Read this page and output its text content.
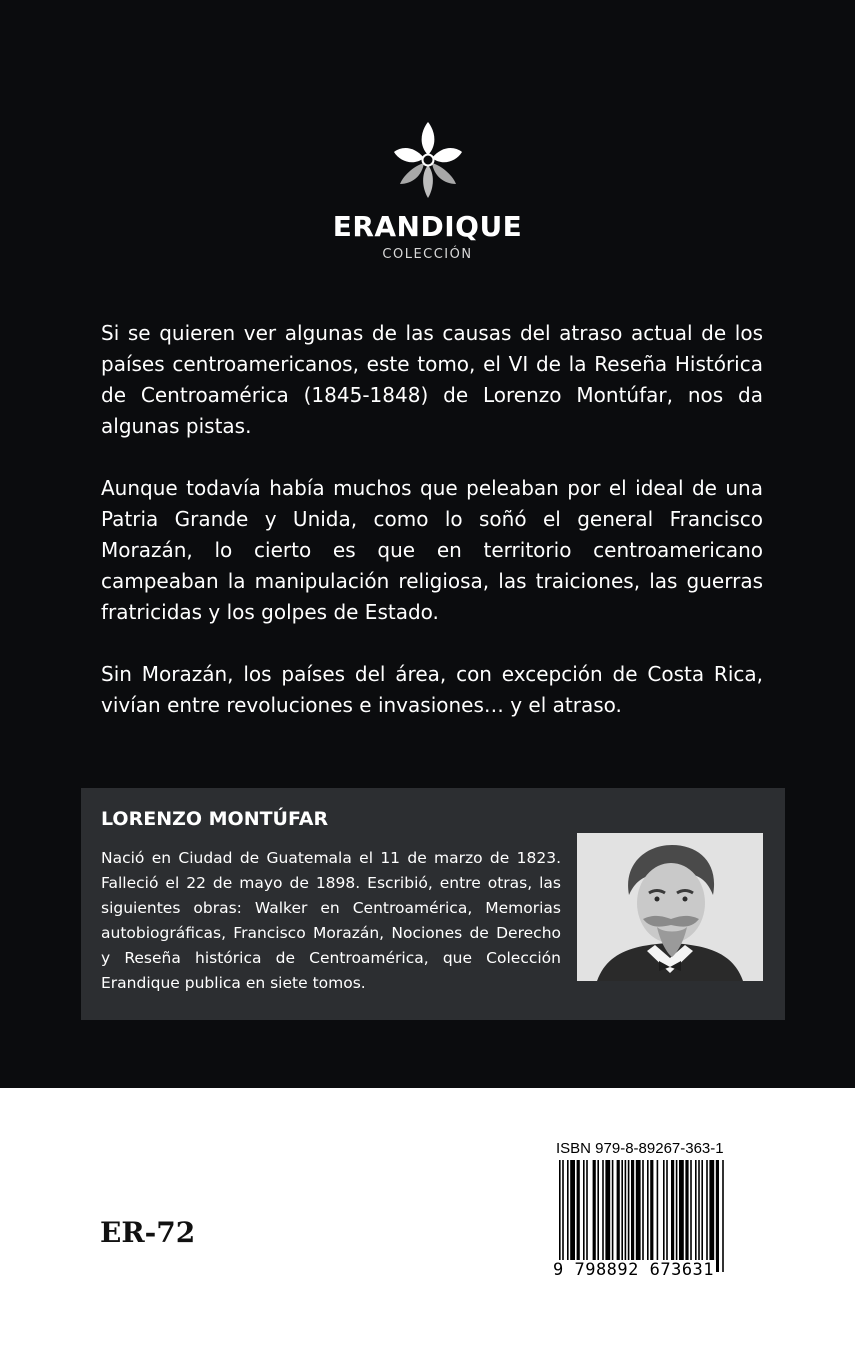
ERANDIQUE
COLECCIÓN

Si se quieren ver algunas de las causas del atraso actual de los países centroamericanos, este tomo, el VI de la Reseña Histórica de Centroamérica (1845-1848) de Lorenzo Montúfar, nos da algunas pistas.

Aunque todavía había muchos que peleaban por el ideal de una Patria Grande y Unida, como lo soñó el general Francisco Morazán, lo cierto es que en territorio centroamericano campeaban la manipulación religiosa, las traiciones, las guerras fratricidas y los golpes de Estado.

Sin Morazán, los países del área, con excepción de Costa Rica, vivían entre revoluciones e invasiones… y el atraso.

LORENZO MONTÚFAR

Nació en Ciudad de Guatemala el 11 de marzo de 1823. Falleció el 22 de mayo de 1898. Escribió, entre otras, las siguientes obras: Walker en Centroamérica, Memorias autobiográficas, Francisco Morazán, Nociones de Derecho y Reseña histórica de Centroamérica, que Colección Erandique publica en siete tomos.

ER-72
ISBN 979-8-89267-363-1
9 798892 673631
